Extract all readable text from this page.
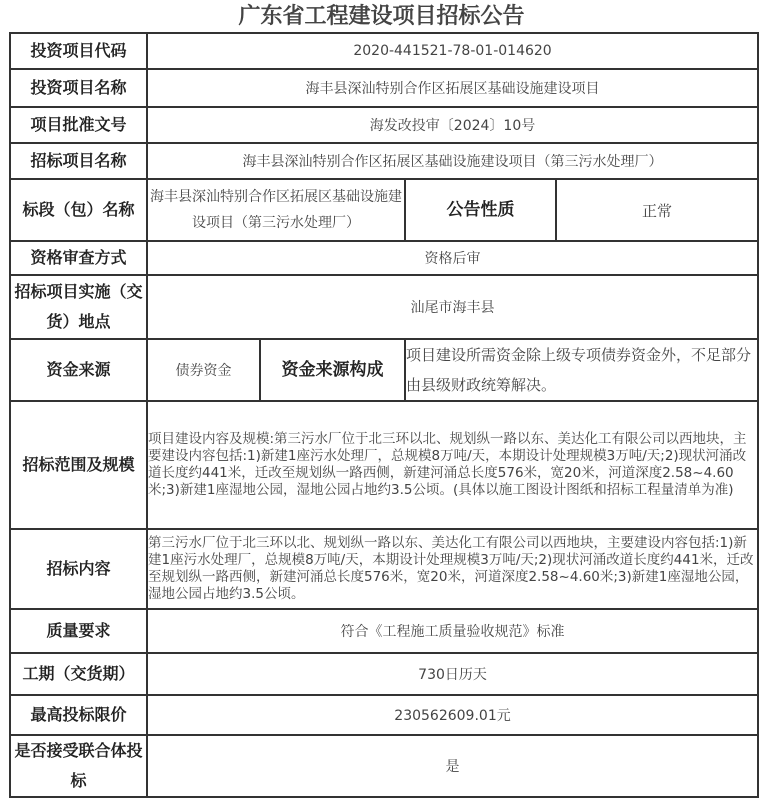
广东省工程建设项目招标公告
投资项目代码	2020-441521-78-01-014620			
投资项目名称	海丰县深汕特别合作区拓展区基础设施建设项目			
项目批准文号	海发改投审〔2024〕10号			
招标项目名称	海丰县深汕特别合作区拓展区基础设施建设项目（第三污水处理厂）			
标段（包）名称	海丰县深汕特别合作区拓展区基础设施建设项目（第三污水处理厂）		公告性质	正常
资格审查方式	资格后审			
招标项目实施（交货）地点	汕尾市海丰县			
资金来源	债券资金	资金来源构成	项目建设所需资金除上级专项债券资金外，不足部分由县级财政统筹解决。	
招标范围及规模	项目建设内容及规模:第三污水厂位于北三环以北、规划纵一路以东、美达化工有限公司以西地块，主要建设内容包括:1)新建1座污水处理厂，总规模8万吨/天，本期设计处理规模3万吨/天;2)现状河涌改道长度约441米，迁改至规划纵一路西侧，新建河涌总长度576米，宽20米，河道深度2.58~4.60米;3)新建1座湿地公园，湿地公园占地约3.5公顷。(具体以施工图设计图纸和招标工程量清单为准)			
招标内容	第三污水厂位于北三环以北、规划纵一路以东、美达化工有限公司以西地块，主要建设内容包括:1)新建1座污水处理厂，总规模8万吨/天，本期设计处理规模3万吨/天;2)现状河涌改道长度约441米，迁改至规划纵一路西侧，新建河涌总长度576米，宽20米，河道深度2.58~4.60米;3)新建1座湿地公园，湿地公园占地约3.5公顷。			
质量要求	符合《工程施工质量验收规范》标准			
工期（交货期）	730日历天			
最高投标限价	230562609.01元			
是否接受联合体投标	是			
